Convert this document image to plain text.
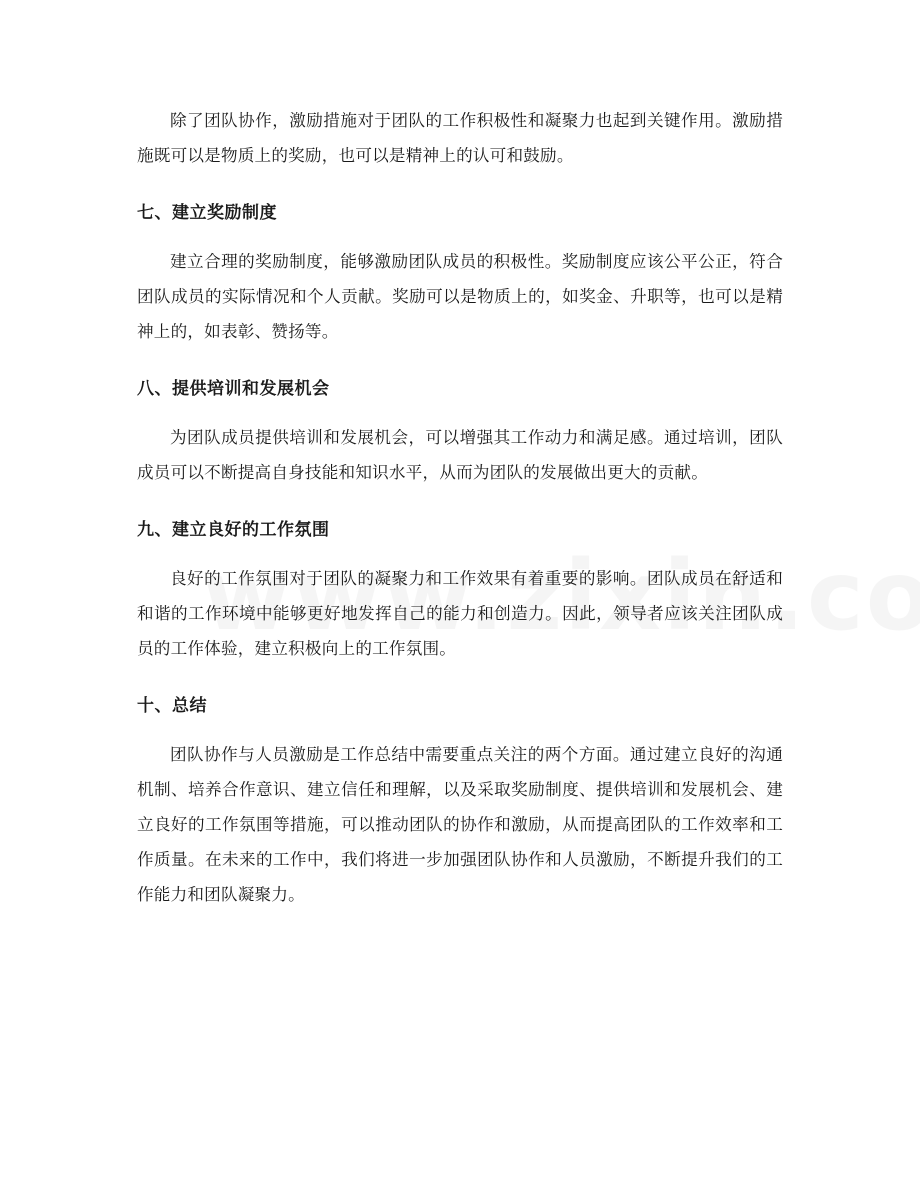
除了团队协作，激励措施对于团队的工作积极性和凝聚力也起到关键作用。激励措施既可以是物质上的奖励，也可以是精神上的认可和鼓励。

七、建立奖励制度

建立合理的奖励制度，能够激励团队成员的积极性。奖励制度应该公平公正，符合团队成员的实际情况和个人贡献。奖励可以是物质上的，如奖金、升职等，也可以是精神上的，如表彰、赞扬等。

八、提供培训和发展机会

为团队成员提供培训和发展机会，可以增强其工作动力和满足感。通过培训，团队成员可以不断提高自身技能和知识水平，从而为团队的发展做出更大的贡献。

九、建立良好的工作氛围

良好的工作氛围对于团队的凝聚力和工作效果有着重要的影响。团队成员在舒适和和谐的工作环境中能够更好地发挥自己的能力和创造力。因此，领导者应该关注团队成员的工作体验，建立积极向上的工作氛围。

十、总结

团队协作与人员激励是工作总结中需要重点关注的两个方面。通过建立良好的沟通机制、培养合作意识、建立信任和理解，以及采取奖励制度、提供培训和发展机会、建立良好的工作氛围等措施，可以推动团队的协作和激励，从而提高团队的工作效率和工作质量。在未来的工作中，我们将进一步加强团队协作和人员激励，不断提升我们的工作能力和团队凝聚力。
